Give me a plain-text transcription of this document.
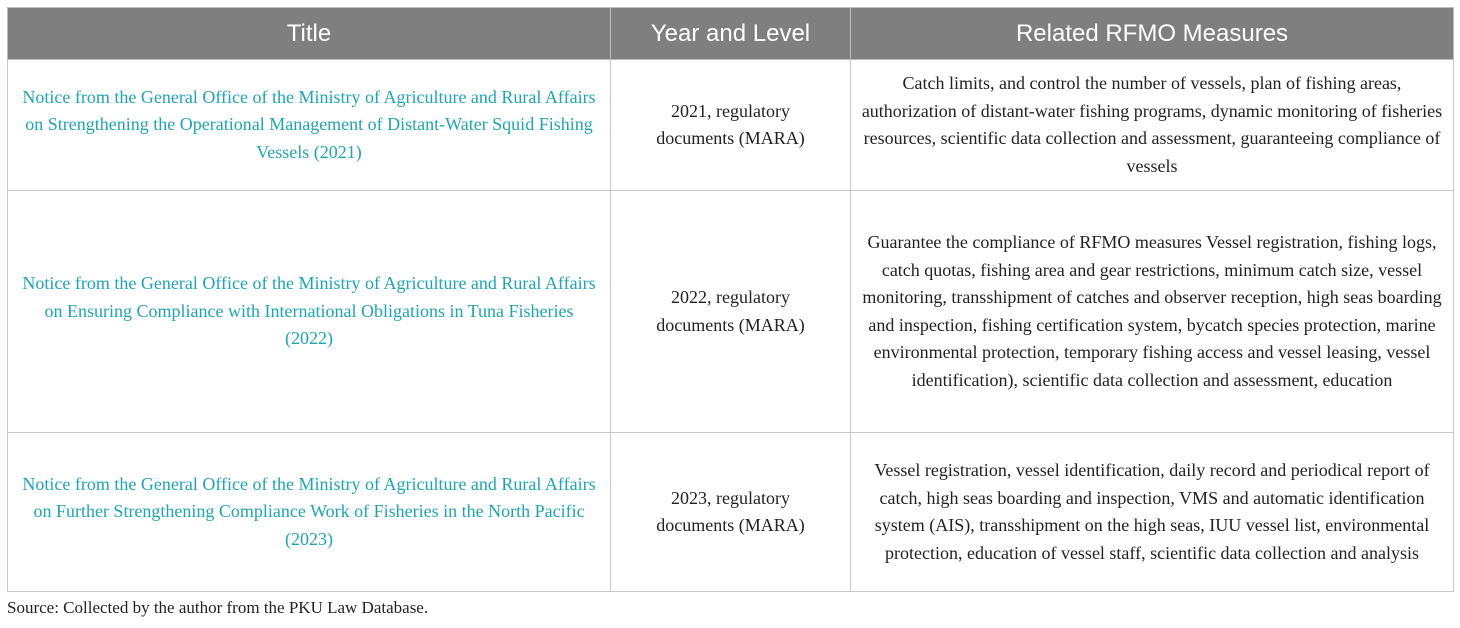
Title	Year and Level	Related RFMO Measures
Notice from the General Office of the Ministry of Agriculture and Rural Affairs on Strengthening the Operational Management of Distant-Water Squid Fishing Vessels (2021)	2021, regulatory documents (MARA)	Catch limits, and control the number of vessels, plan of fishing areas, authorization of distant-water fishing programs, dynamic monitoring of fisheries resources, scientific data collection and assessment, guaranteeing compliance of vessels
Notice from the General Office of the Ministry of Agriculture and Rural Affairs on Ensuring Compliance with International Obligations in Tuna Fisheries (2022)	2022, regulatory documents (MARA)	Guarantee the compliance of RFMO measures Vessel registration, fishing logs, catch quotas, fishing area and gear restrictions, minimum catch size, vessel monitoring, transshipment of catches and observer reception, high seas boarding and inspection, fishing certification system, bycatch species protection, marine environmental protection, temporary fishing access and vessel leasing, vessel identification), scientific data collection and assessment, education
Notice from the General Office of the Ministry of Agriculture and Rural Affairs on Further Strengthening Compliance Work of Fisheries in the North Pacific (2023)	2023, regulatory documents (MARA)	Vessel registration, vessel identification, daily record and periodical report of catch, high seas boarding and inspection, VMS and automatic identification system (AIS), transshipment on the high seas, IUU vessel list, environmental protection, education of vessel staff, scientific data collection and analysis
Source: Collected by the author from the PKU Law Database.
